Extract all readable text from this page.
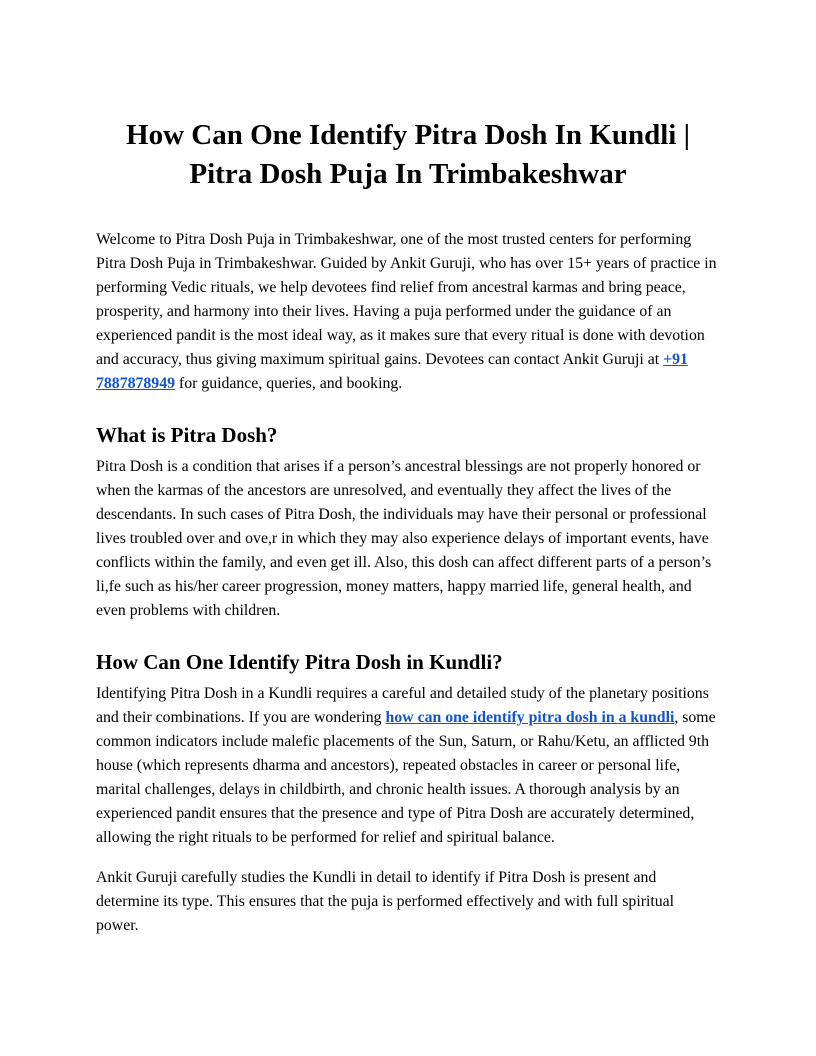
How Can One Identify Pitra Dosh In Kundli |
Pitra Dosh Puja In Trimbakeshwar

Welcome to Pitra Dosh Puja in Trimbakeshwar, one of the most trusted centers for performing Pitra Dosh Puja in Trimbakeshwar. Guided by Ankit Guruji, who has over 15+ years of practice in performing Vedic rituals, we help devotees find relief from ancestral karmas and bring peace, prosperity, and harmony into their lives. Having a puja performed under the guidance of an experienced pandit is the most ideal way, as it makes sure that every ritual is done with devotion and accuracy, thus giving maximum spiritual gains. Devotees can contact Ankit Guruji at +91 7887878949 for guidance, queries, and booking.

What is Pitra Dosh?

Pitra Dosh is a condition that arises if a person’s ancestral blessings are not properly honored or when the karmas of the ancestors are unresolved, and eventually they affect the lives of the descendants. In such cases of Pitra Dosh, the individuals may have their personal or professional lives troubled over and ove,r in which they may also experience delays of important events, have conflicts within the family, and even get ill. Also, this dosh can affect different parts of a person’s li,fe such as his/her career progression, money matters, happy married life, general health, and even problems with children.

How Can One Identify Pitra Dosh in Kundli?

Identifying Pitra Dosh in a Kundli requires a careful and detailed study of the planetary positions and their combinations. If you are wondering how can one identify pitra dosh in a kundli, some common indicators include malefic placements of the Sun, Saturn, or Rahu/Ketu, an afflicted 9th house (which represents dharma and ancestors), repeated obstacles in career or personal life, marital challenges, delays in childbirth, and chronic health issues. A thorough analysis by an experienced pandit ensures that the presence and type of Pitra Dosh are accurately determined, allowing the right rituals to be performed for relief and spiritual balance.

Ankit Guruji carefully studies the Kundli in detail to identify if Pitra Dosh is present and determine its type. This ensures that the puja is performed effectively and with full spiritual power.
